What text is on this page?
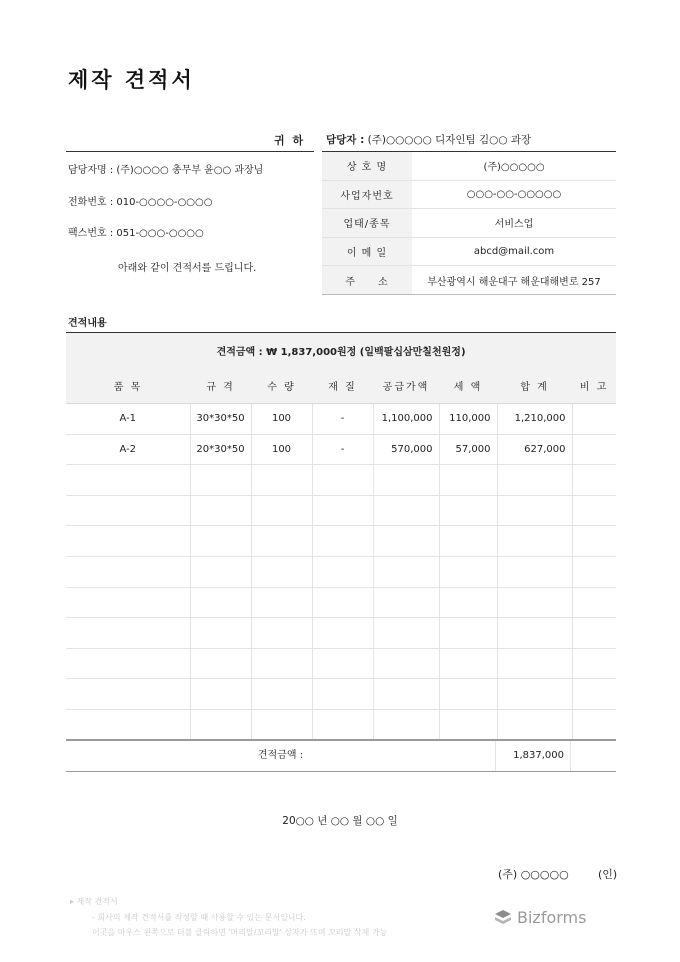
제작 견적서
귀 하
담당자명 : (주)○○○○ 총무부 윤○○ 과장님
전화번호 : 010-○○○○-○○○○
팩스번호 : 051-○○○-○○○○
아래와 같이 견적서를 드립니다.
담당자 : (주)○○○○○ 디자인팀 김○○ 과장
상 호 명	(주)○○○○○
사업자번호	○○○-○○-○○○○○
업태/종목	서비스업
이 메 일	abcd@mail.com
주　　소	부산광역시 해운대구 해운대해변로 257
견적내용
견적금액 : ₩ 1,837,000원정 (일백팔십삼만칠천원정)							
품 목	규 격	수 량	재 질	공급가액	세 액	합 계	비 고
A-1	30*30*50	100	-	1,100,000	110,000	1,210,000	
A-2	20*30*50	100	-	570,000	57,000	627,000	

견적금액 : 1,837,000							

20○○ 년 ○○ 월 ○○ 일
(주) ○○○○○	(인)
▸ 제작 견적서
- 회사의 제작 견적서를 작성할 때 사용할 수 있는 문서입니다.
이곳을 마우스 왼쪽으로 더블 클릭하면 '머리말/꼬리말' 상자가 뜨며 꼬리말 삭제 가능
Bizforms
